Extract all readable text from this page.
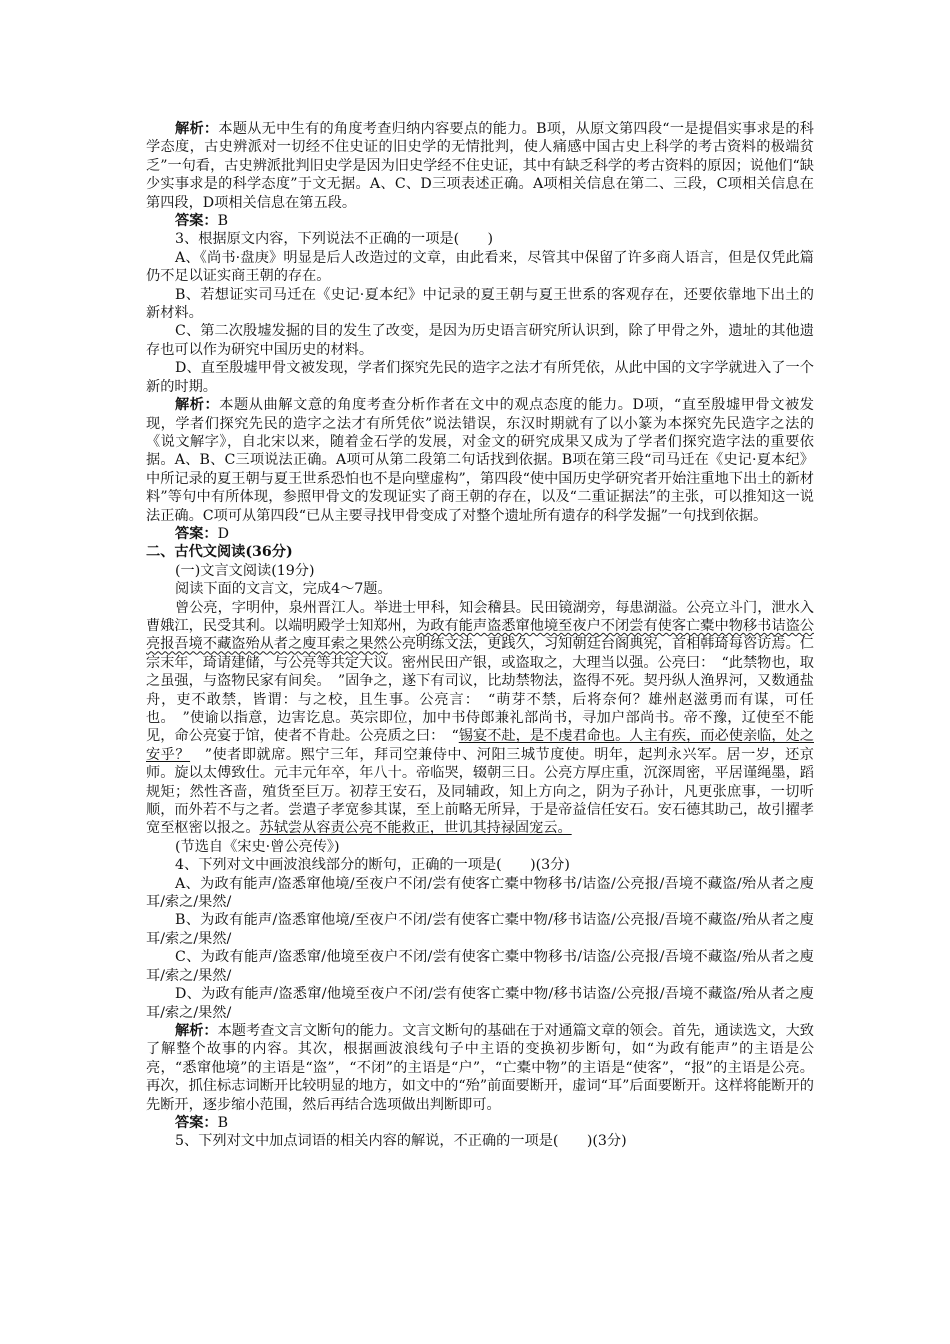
解析：本题从无中生有的角度考查归纳内容要点的能力。B项，从原文第四段“一是提倡实事求是的科学态度，古史辨派对一切经不住史证的旧史学的无情批判，使人痛感中国古史上科学的考古资料的极端贫乏”一句看，古史辨派批判旧史学是因为旧史学经不住史证，其中有缺乏科学的考古资料的原因；说他们“缺少实事求是的科学态度”于文无据。A、C、D三项表述正确。A项相关信息在第二、三段，C项相关信息在第四段，D项相关信息在第五段。

答案：B

3、根据原文内容，下列说法不正确的一项是(　　)

A、《尚书·盘庚》明显是后人改造过的文章，由此看来，尽管其中保留了许多商人语言，但是仅凭此篇仍不足以证实商王朝的存在。

B、若想证实司马迁在《史记·夏本纪》中记录的夏王朝与夏王世系的客观存在，还要依靠地下出土的新材料。

C、第二次殷墟发掘的目的发生了改变，是因为历史语言研究所认识到，除了甲骨之外，遗址的其他遗存也可以作为研究中国历史的材料。

D、直至殷墟甲骨文被发现，学者们探究先民的造字之法才有所凭依，从此中国的文字学就进入了一个新的时期。

解析：本题从曲解文意的角度考查分析作者在文中的观点态度的能力。D项，“直至殷墟甲骨文被发现，学者们探究先民的造字之法才有所凭依”说法错误，东汉时期就有了以小篆为本探究先民造字之法的《说文解字》，自北宋以来，随着金石学的发展，对金文的研究成果又成为了学者们探究造字法的重要依据。A、B、C三项说法正确。A项可从第二段第二句话找到依据。B项在第三段“司马迁在《史记·夏本纪》中所记录的夏王朝与夏王世系恐怕也不是向壁虚构”，第四段“使中国历史学研究者开始注重地下出土的新材料”等句中有所体现，参照甲骨文的发现证实了商王朝的存在，以及“二重证据法”的主张，可以推知这一说法正确。C项可从第四段“已从主要寻找甲骨变成了对整个遗址所有遗存的科学发掘”一句找到依据。

答案：D

二、古代文阅读(36分)

(一)文言文阅读(19分)

阅读下面的文言文，完成4～7题。

曾公亮，字明仲，泉州晋江人。举进士甲科，知会稽县。民田镜湖旁，每患湖溢。公亮立斗门，泄水入曹娥江，民受其利。以端明殿学士知郑州，为政有能声盗悉窜他境至夜户不闭尝有使客亡橐中物移书诘盗公亮报吾境不藏盗殆从者之廋耳索之果然公亮明练文法，更践久，习知朝廷台阁典宪，首相韩琦每咨访焉。仁宗末年，琦请建储，与公亮等共定大议。密州民田产银，或盗取之，大理当以强。公亮曰：　“此禁物也，取之虽强，与盗物民家有间矣。　”固争之，遂下有司议，比劫禁物法，盗得不死。契丹纵人渔界河，又数通盐舟，吏不敢禁，皆谓：与之校，且生事。公亮言：　“萌芽不禁，后将奈何？雄州赵滋勇而有谋，可任也。　”使谕以指意，边害讫息。英宗即位，加中书侍郎兼礼部尚书，寻加户部尚书。帝不豫，辽使至不能见，命公亮宴于馆，使者不肯赴。公亮质之曰：　“锡宴不赴，是不虔君命也。人主有疾，而必使亲临，处之安乎？　”使者即就席。熙宁三年，拜司空兼侍中、河阳三城节度使。明年，起判永兴军。居一岁，还京师。旋以太傅致仕。元丰元年卒，年八十。帝临哭，辍朝三日。公亮方厚庄重，沉深周密，平居谨绳墨，蹈规矩；然性吝啬，殖货至巨万。初荐王安石，及同辅政，知上方向之，阴为子孙计，凡更张庶事，一切听顺，而外若不与之者。尝遣子孝宽参其谋，至上前略无所异，于是帝益信任安石。安石德其助己，故引擢孝宽至枢密以报之。苏轼尝从容责公亮不能救正，世讥其持禄固宠云。

(节选自《宋史·曾公亮传》)

4、下列对文中画波浪线部分的断句，正确的一项是(　　)(3分)

A、为政有能声/盗悉窜他境/至夜户不闭/尝有使客亡橐中物移书/诘盗/公亮报/吾境不藏盗/殆从者之廋耳/索之/果然/

B、为政有能声/盗悉窜他境/至夜户不闭/尝有使客亡橐中物/移书诘盗/公亮报/吾境不藏盗/殆从者之廋耳/索之/果然/

C、为政有能声/盗悉窜/他境至夜户不闭/尝有使客亡橐中物移书/诘盗/公亮报/吾境不藏盗/殆从者之廋耳/索之/果然/

D、为政有能声/盗悉窜/他境至夜户不闭/尝有使客亡橐中物/移书诘盗/公亮报/吾境不藏盗/殆从者之廋耳/索之/果然/

解析：本题考查文言文断句的能力。文言文断句的基础在于对通篇文章的领会。首先，通读选文，大致了解整个故事的内容。其次，根据画波浪线句子中主语的变换初步断句，如“为政有能声”的主语是公亮，“悉窜他境”的主语是“盗”，“不闭”的主语是“户”，“亡橐中物”的主语是“使客”，“报”的主语是公亮。再次，抓住标志词断开比较明显的地方，如文中的“殆”前面要断开，虚词“耳”后面要断开。这样将能断开的先断开，逐步缩小范围，然后再结合选项做出判断即可。

答案：B

5、下列对文中加点词语的相关内容的解说，不正确的一项是(　　)(3分)
